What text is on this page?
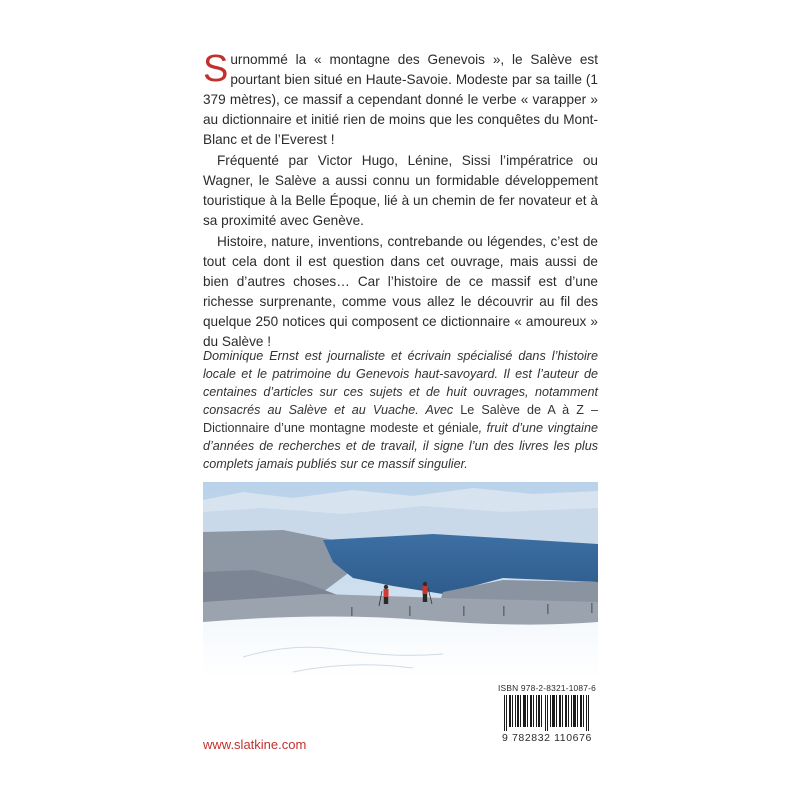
Surnommé la « montagne des Genevois », le Salève est pourtant bien situé en Haute-Savoie. Modeste par sa taille (1 379 mètres), ce massif a cependant donné le verbe « varapper » au dictionnaire et initié rien de moins que les conquêtes du Mont-Blanc et de l’Everest !

Fréquenté par Victor Hugo, Lénine, Sissi l’impératrice ou Wagner, le Salève a aussi connu un formidable développement touristique à la Belle Époque, lié à un chemin de fer novateur et à sa proximité avec Genève.

Histoire, nature, inventions, contrebande ou légendes, c’est de tout cela dont il est question dans cet ouvrage, mais aussi de bien d’autres choses… Car l’histoire de ce massif est d’une richesse surprenante, comme vous allez le découvrir au fil des quelque 250 notices qui composent ce dictionnaire « amoureux » du Salève !

Dominique Ernst est journaliste et écrivain spécialisé dans l’histoire locale et le patrimoine du Genevois haut-savoyard. Il est l’auteur de centaines d’articles sur ces sujets et de huit ouvrages, notamment consacrés au Salève et au Vuache. Avec Le Salève de A à Z – Dictionnaire d’une montagne modeste et géniale, fruit d’une vingtaine d’années de recherches et de travail, il signe l’un des livres les plus complets jamais publiés sur ce massif singulier.

ISBN 978-2-8321-1087-6
9 782832 110676
www.slatkine.com
